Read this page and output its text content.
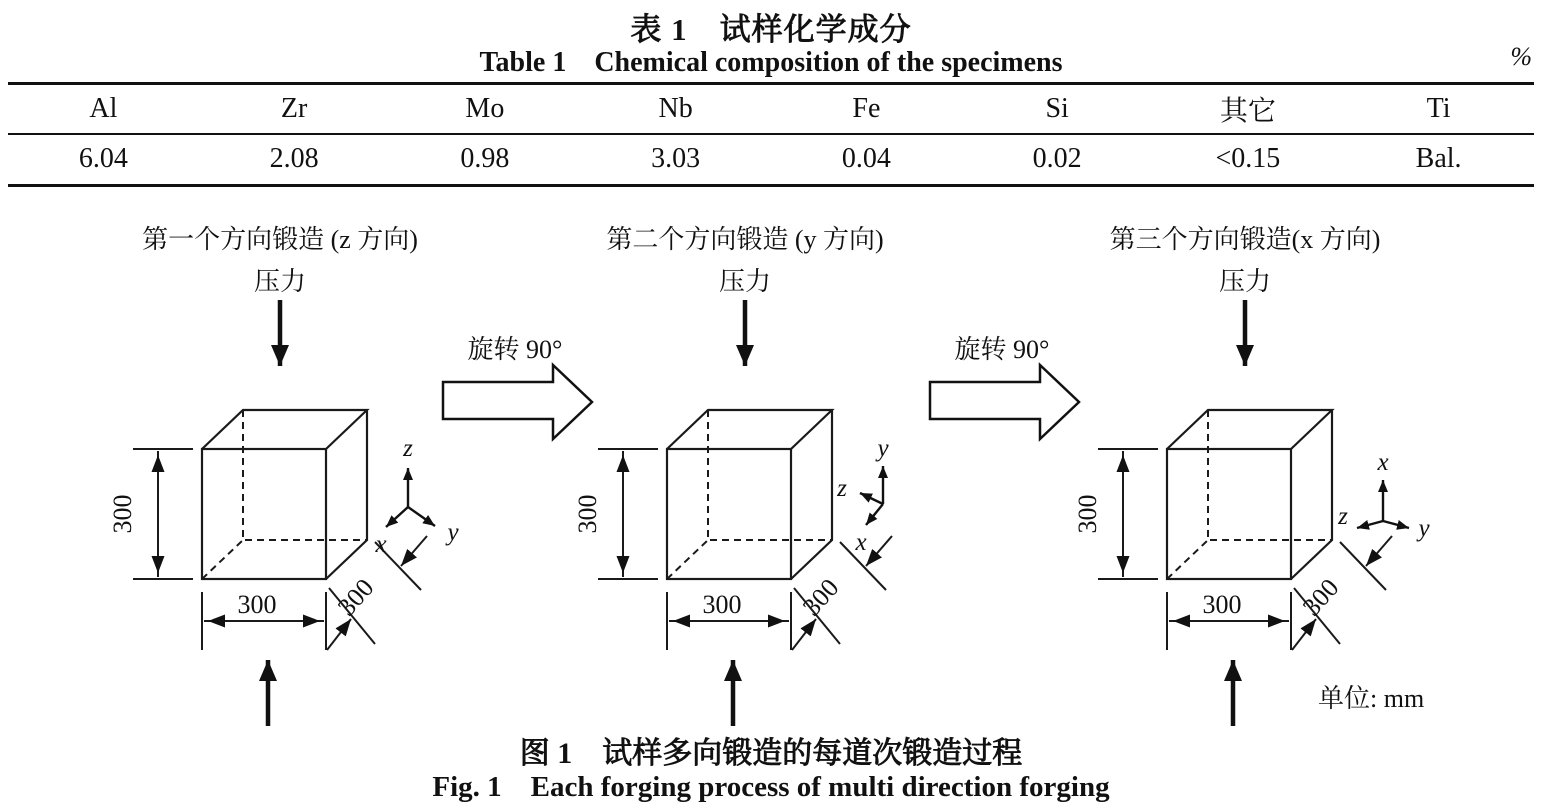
表 1　试样化学成分
Table 1　Chemical composition of the specimens	%
Al	Zr	Mo	Nb	Fe	Si	其它	Ti
6.04	2.08	0.98	3.03	0.04	0.02	<0.15	Bal.
第一个方向锻造 (z 方向)
压力
300
300 300
z
x y
旋转 90°
第二个方向锻造 (y 方向)
压力
300
300 300
y
z
x
旋转 90°
第三个方向锻造(x 方向)
压力
300
300 300
x
z	y
单位: mm
图 1　试样多向锻造的每道次锻造过程
Fig. 1　Each forging process of multi direction forging
